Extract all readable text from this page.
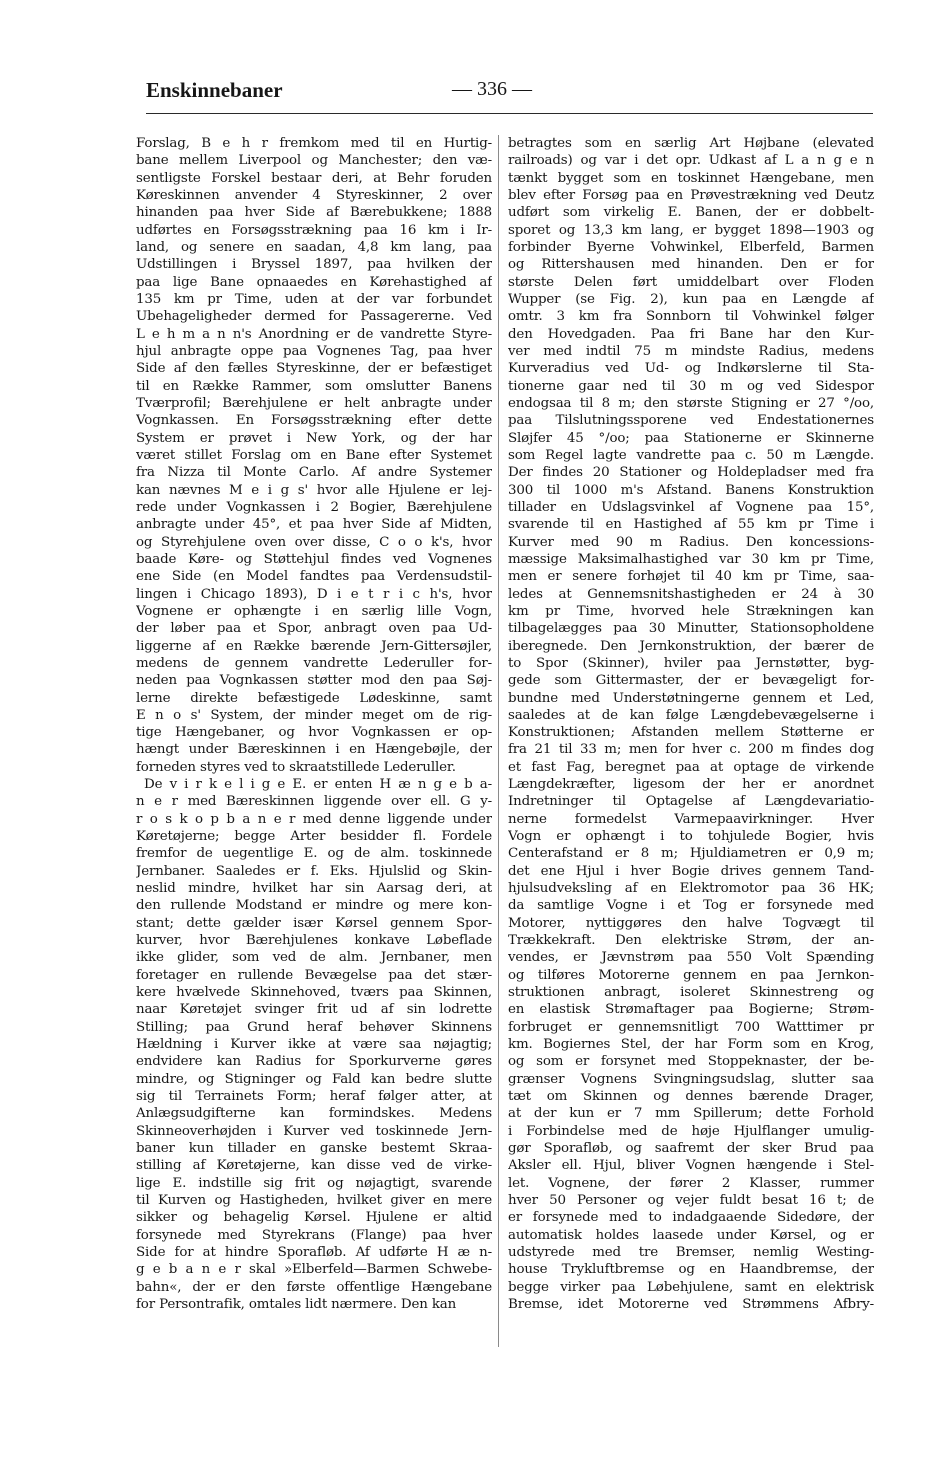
Enskinnebaner	— 336 —
Forslag, B e h r fremkom med til en Hurtig-
bane mellem Liverpool og Manchester; den væ-
sentligste Forskel bestaar deri, at Behr foruden
Køreskinnen anvender 4 Styreskinner, 2 over
hinanden paa hver Side af Bærebukkene; 1888
udførtes en Forsøgsstrækning paa 16 km i Ir-
land, og senere en saadan, 4,8 km lang, paa
Udstillingen i Bryssel 1897, paa hvilken der
paa lige Bane opnaaedes en Kørehastighed af
135 km pr Time, uden at der var forbundet
Ubehageligheder dermed for Passagererne. Ved
L e h m a n n's Anordning er de vandrette Styre-
hjul anbragte oppe paa Vognenes Tag, paa hver
Side af den fælles Styreskinne, der er befæstiget
til en Række Rammer, som omslutter Banens
Tværprofil; Bærehjulene er helt anbragte under
Vognkassen. En Forsøgsstrækning efter dette
System er prøvet i New York, og der har
været stillet Forslag om en Bane efter Systemet
fra Nizza til Monte Carlo. Af andre Systemer
kan nævnes M e i g s' hvor alle Hjulene er lej-
rede under Vognkassen i 2 Bogier, Bærehjulene
anbragte under 45°, et paa hver Side af Midten,
og Styrehjulene oven over disse, C o o k's, hvor
baade Køre- og Støttehjul findes ved Vognenes
ene Side (en Model fandtes paa Verdensudstil-
lingen i Chicago 1893), D i e t r i c h's, hvor
Vognene er ophængte i en særlig lille Vogn,
der løber paa et Spor, anbragt oven paa Ud-
liggerne af en Række bærende Jern-Gittersøjler,
medens de gennem vandrette Lederuller for-
neden paa Vognkassen støtter mod den paa Søj-
lerne direkte befæstigede Lødeskinne, samt
E n o s' System, der minder meget om de rig-
tige Hængebaner, og hvor Vognkassen er op-
hængt under Bæreskinnen i en Hængebøjle, der
forneden styres ved to skraatstillede Lederuller.
De v i r k e l i g e E. er enten H æ n g e b a-
n e r med Bæreskinnen liggende over ell. G y-
r o s k o p b a n e r med denne liggende under
Køretøjerne; begge Arter besidder fl. Fordele
fremfor de uegentlige E. og de alm. toskinnede
Jernbaner. Saaledes er f. Eks. Hjulslid og Skin-
neslid mindre, hvilket har sin Aarsag deri, at
den rullende Modstand er mindre og mere kon-
stant; dette gælder især Kørsel gennem Spor-
kurver, hvor Bærehjulenes konkave Løbeflade
ikke glider, som ved de alm. Jernbaner, men
foretager en rullende Bevægelse paa det stær-
kere hvælvede Skinnehoved, tværs paa Skinnen,
naar Køretøjet svinger frit ud af sin lodrette
Stilling; paa Grund heraf behøver Skinnens
Hældning i Kurver ikke at være saa nøjagtig;
endvidere kan Radius for Sporkurverne gøres
mindre, og Stigninger og Fald kan bedre slutte
sig til Terrainets Form; heraf følger atter, at
Anlægsudgifterne kan formindskes. Medens
Skinneoverhøjden i Kurver ved toskinnede Jern-
baner kun tillader en ganske bestemt Skraa-
stilling af Køretøjerne, kan disse ved de virke-
lige E. indstille sig frit og nøjagtigt, svarende
til Kurven og Hastigheden, hvilket giver en mere
sikker og behagelig Kørsel. Hjulene er altid
forsynede med Styrekrans (Flange) paa hver
Side for at hindre Sporafløb. Af udførte H æ n-
g e b a n e r skal »Elberfeld—Barmen Schwebe-
bahn«, der er den første offentlige Hængebane
for Persontrafik, omtales lidt nærmere. Den kan
betragtes som en særlig Art Højbane (elevated
railroads) og var i det opr. Udkast af L a n g e n
tænkt bygget som en toskinnet Hængebane, men
blev efter Forsøg paa en Prøvestrækning ved Deutz
udført som virkelig E. Banen, der er dobbelt-
sporet og 13,3 km lang, er bygget 1898—1903 og
forbinder Byerne Vohwinkel, Elberfeld, Barmen
og Rittershausen med hinanden. Den er for
største Delen ført umiddelbart over Floden
Wupper (se Fig. 2), kun paa en Længde af
omtr. 3 km fra Sonnborn til Vohwinkel følger
den Hovedgaden. Paa fri Bane har den Kur-
ver med indtil 75 m mindste Radius, medens
Kurveradius ved Ud- og Indkørslerne til Sta-
tionerne gaar ned til 30 m og ved Sidespor
endogsaa til 8 m; den største Stigning er 27 °/oo,
paa Tilslutningssporene ved Endestationernes
Sløjfer 45 °/oo; paa Stationerne er Skinnerne
som Regel lagte vandrette paa c. 50 m Længde.
Der findes 20 Stationer og Holdepladser med fra
300 til 1000 m's Afstand. Banens Konstruktion
tillader en Udslagsvinkel af Vognene paa 15°,
svarende til en Hastighed af 55 km pr Time i
Kurver med 90 m Radius. Den koncessions-
mæssige Maksimalhastighed var 30 km pr Time,
men er senere forhøjet til 40 km pr Time, saa-
ledes at Gennemsnitshastigheden er 24 à 30
km pr Time, hvorved hele Strækningen kan
tilbagelægges paa 30 Minutter, Stationsopholdene
iberegnede. Den Jernkonstruktion, der bærer de
to Spor (Skinner), hviler paa Jernstøtter, byg-
gede som Gittermaster, der er bevægeligt for-
bundne med Understøtningerne gennem et Led,
saaledes at de kan følge Længdebevægelserne i
Konstruktionen; Afstanden mellem Støtterne er
fra 21 til 33 m; men for hver c. 200 m findes dog
et fast Fag, beregnet paa at optage de virkende
Længdekræfter, ligesom der her er anordnet
Indretninger til Optagelse af Længdevariatio-
nerne formedelst Varmepaavirkninger. Hver
Vogn er ophængt i to tohjulede Bogier, hvis
Centerafstand er 8 m; Hjuldiametren er 0,9 m;
det ene Hjul i hver Bogie drives gennem Tand-
hjulsudveksling af en Elektromotor paa 36 HK;
da samtlige Vogne i et Tog er forsynede med
Motorer, nyttiggøres den halve Togvægt til
Trækkekraft. Den elektriske Strøm, der an-
vendes, er Jævnstrøm paa 550 Volt Spænding
og tilføres Motorerne gennem en paa Jernkon-
struktionen anbragt, isoleret Skinnestreng og
en elastisk Strømaftager paa Bogierne; Strøm-
forbruget er gennemsnitligt 700 Watttimer pr
km. Bogiernes Stel, der har Form som en Krog,
og som er forsynet med Stoppeknaster, der be-
grænser Vognens Svingningsudslag, slutter saa
tæt om Skinnen og dennes bærende Drager,
at der kun er 7 mm Spillerum; dette Forhold
i Forbindelse med de høje Hjulflanger umulig-
gør Sporafløb, og saafremt der sker Brud paa
Aksler ell. Hjul, bliver Vognen hængende i Stel-
let. Vognene, der fører 2 Klasser, rummer
hver 50 Personer og vejer fuldt besat 16 t; de
er forsynede med to indadgaaende Sidedøre, der
automatisk holdes laasede under Kørsel, og er
udstyrede med tre Bremser, nemlig Westing-
house Trykluftbremse og en Haandbremse, der
begge virker paa Løbehjulene, samt en elektrisk
Bremse, idet Motorerne ved Strømmens Afbry-
